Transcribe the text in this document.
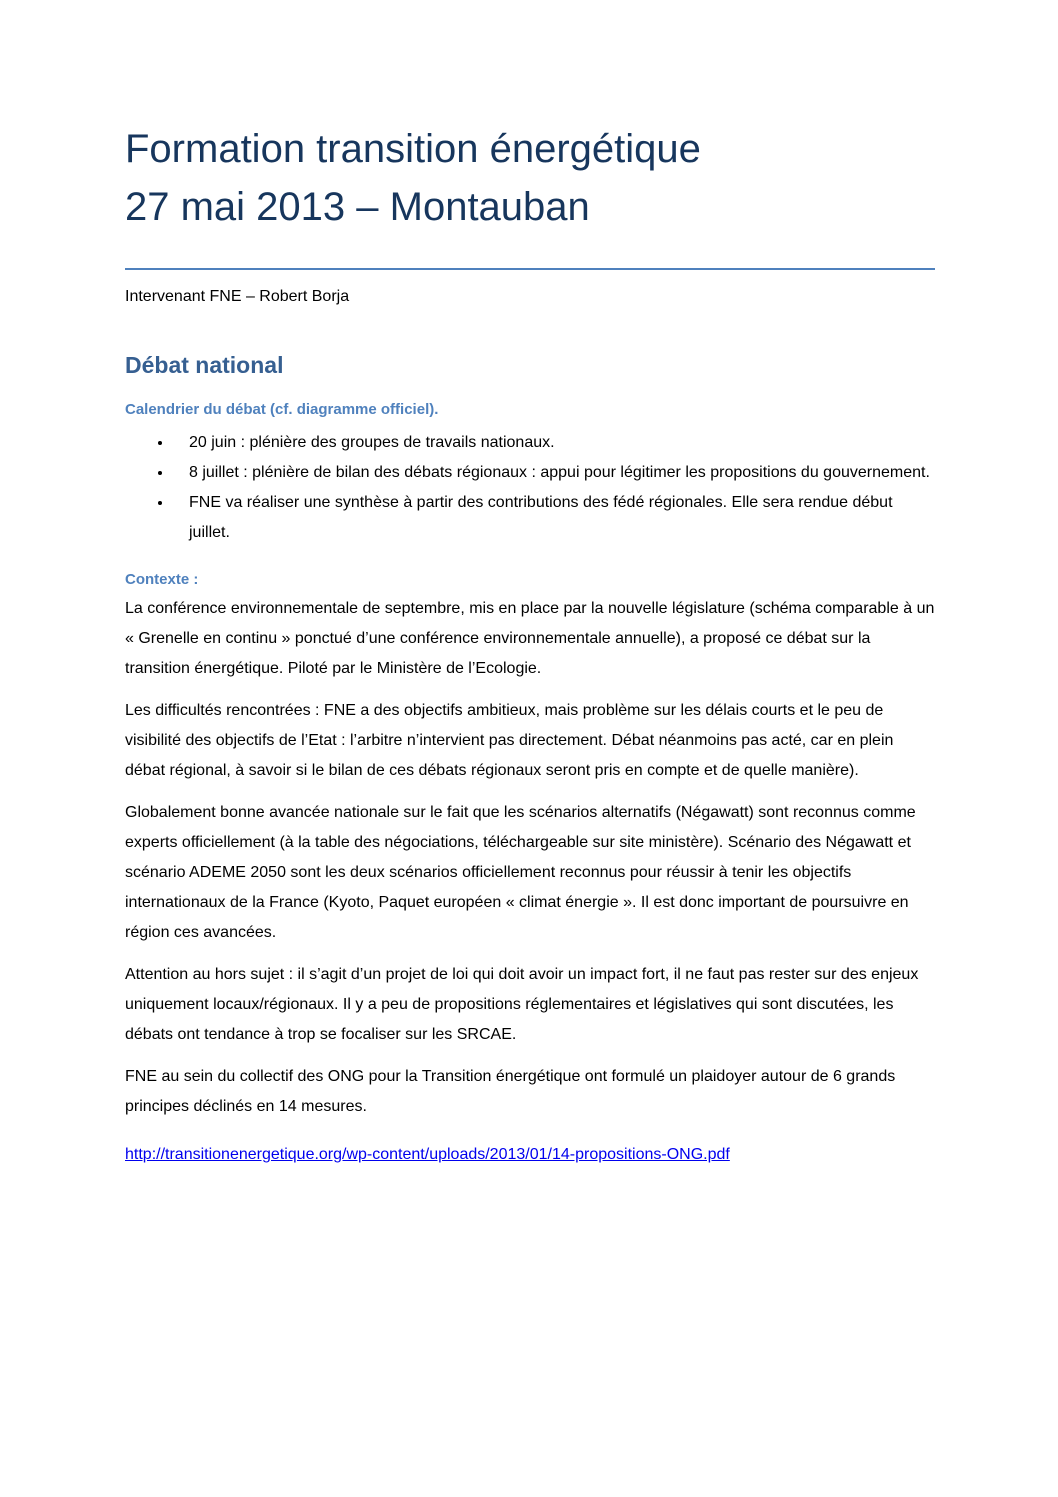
Formation transition énergétique
27 mai 2013 – Montauban

Intervenant FNE – Robert Borja

Débat national
Calendrier du débat (cf. diagramme officiel).
• 20 juin : plénière des groupes de travails nationaux.
• 8 juillet : plénière de bilan des débats régionaux : appui pour légitimer les propositions du gouvernement.
• FNE va réaliser une synthèse à partir des contributions des fédé régionales. Elle sera rendue début juillet.
Contexte :

La conférence environnementale de septembre, mis en place par la nouvelle législature (schéma comparable à un « Grenelle en continu » ponctué d’une conférence environnementale annuelle), a proposé ce débat sur la transition énergétique. Piloté par le Ministère de l’Ecologie.

Les difficultés rencontrées : FNE a des objectifs ambitieux, mais problème sur les délais courts et le peu de visibilité des objectifs de l’Etat : l’arbitre n’intervient pas directement. Débat néanmoins pas acté, car en plein débat régional, à savoir si le bilan de ces débats régionaux seront pris en compte et de quelle manière).

Globalement bonne avancée nationale sur le fait que les scénarios alternatifs (Négawatt) sont reconnus comme experts officiellement (à la table des négociations, téléchargeable sur site ministère). Scénario des Négawatt et scénario ADEME 2050 sont les deux scénarios officiellement reconnus pour réussir à tenir les objectifs internationaux de la France (Kyoto, Paquet européen « climat énergie ». Il est donc important de poursuivre en région ces avancées.

Attention au hors sujet : il s’agit d’un projet de loi qui doit avoir un impact fort, il ne faut pas rester sur des enjeux uniquement locaux/régionaux. Il y a peu de propositions réglementaires et législatives qui sont discutées, les débats ont tendance à trop se focaliser sur les SRCAE.

FNE au sein du collectif des ONG pour la Transition énergétique ont formulé un plaidoyer autour de 6 grands principes déclinés en 14 mesures.

http://transitionenergetique.org/wp-content/uploads/2013/01/14-propositions-ONG.pdf
